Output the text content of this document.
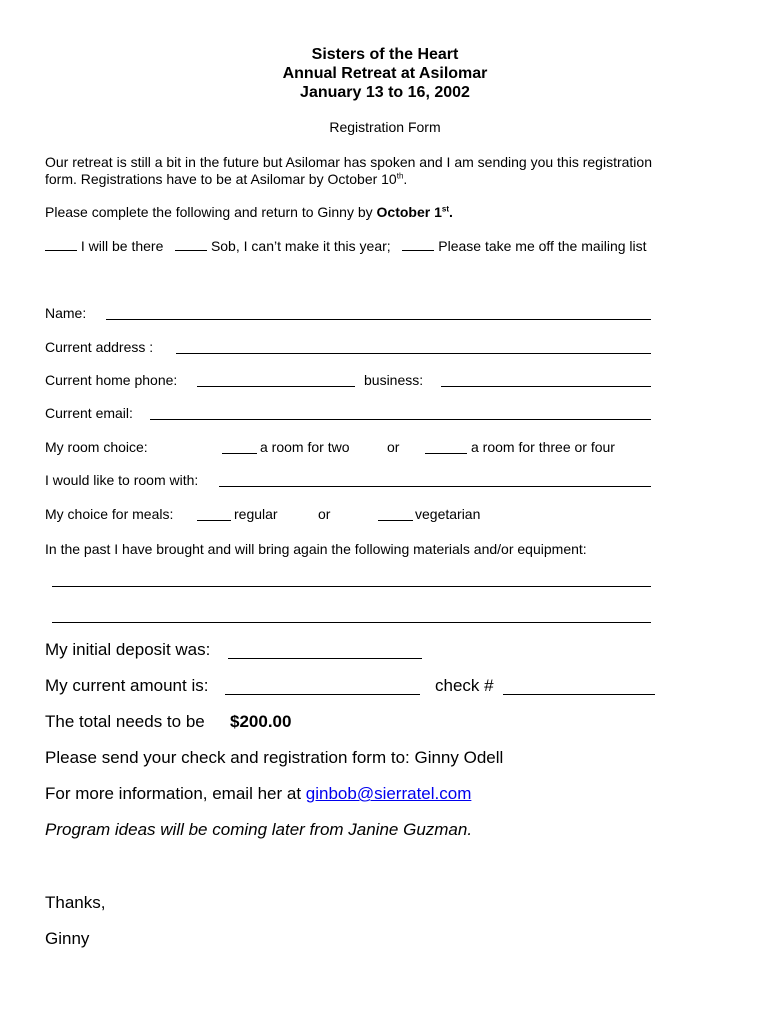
Sisters of the Heart
Annual Retreat at Asilomar
January 13 to 16, 2002
Registration Form
Our retreat is still a bit in the future but Asilomar has spoken and I am sending you this registration
form. Registrations have to be at Asilomar by October 10th.
Please complete the following and return to Ginny by October 1st.
I will be there	Sob, I can’t make it this year;	Please take me off the mailing list
Name:
Current address :
Current home phone:	business:
Current email:
My room choice:	a room for two	or	a room for three or four
I would like to room with:
My choice for meals:	regular	or	vegetarian
In the past I have brought and will bring again the following materials and/or equipment:
My initial deposit was:
My current amount is:	check #
The total needs to be $200.00
Please send your check and registration form to: Ginny Odell
For more information, email her at ginbob@sierratel.com
Program ideas will be coming later from Janine Guzman.
Thanks,
Ginny
